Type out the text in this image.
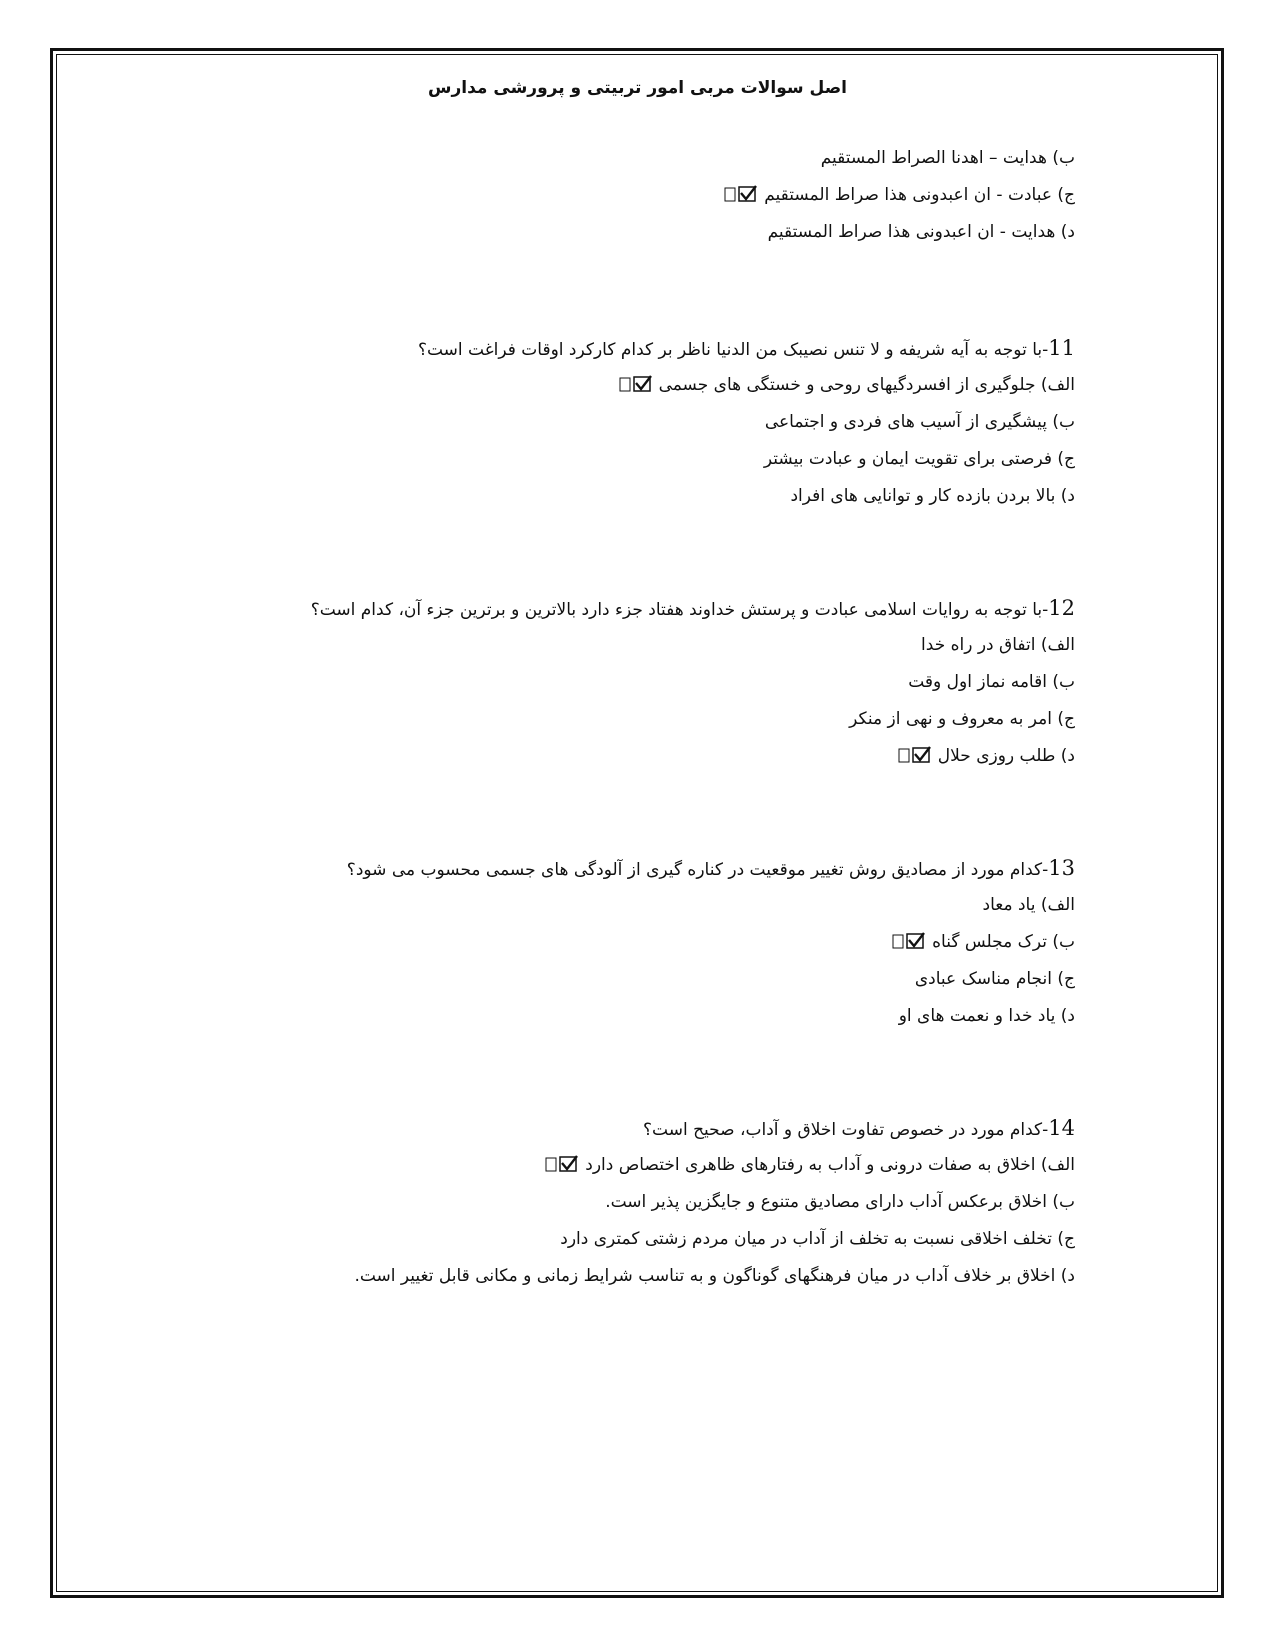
اصل سوالات مربی امور تربیتی و پرورشی مدارس
ب) هدایت – اهدنا الصراط المستقیم
ج) عبادت - ان اعبدونی هذا صراط المستقیم
د) هدایت - ان اعبدونی هذا صراط المستقیم
11-با توجه به آیه شریفه و لا تنس نصیبک من الدنیا ناظر بر کدام کارکرد اوقات فراغت است؟
الف) جلوگیری از افسردگیهای روحی و خستگی های جسمی
ب) پیشگیری از آسیب های فردی و اجتماعی
ج) فرصتی برای تقویت ایمان و عبادت بیشتر
د) بالا بردن بازده کار و توانایی های افراد
12-با توجه به روایات اسلامی عبادت و پرستش خداوند هفتاد جزء دارد بالاترین و برترین جزء آن، کدام است؟
الف) اتفاق در راه خدا
ب) اقامه نماز اول وقت
ج) امر به معروف و نهی از منکر
د) طلب روزی حلال
13-کدام مورد از مصادیق روش تغییر موقعیت در کناره گیری از آلودگی های جسمی محسوب می شود؟
الف) یاد معاد
ب) ترک مجلس گناه
ج) انجام مناسک عبادی
د) یاد خدا و نعمت های او
14-کدام مورد در خصوص تفاوت اخلاق و آداب، صحیح است؟
الف) اخلاق به صفات درونی و آداب به رفتارهای ظاهری اختصاص دارد
ب) اخلاق برعکس آداب دارای مصادیق متنوع و جایگزین پذیر است.
ج) تخلف اخلاقی نسبت به تخلف از آداب در میان مردم زشتی کمتری دارد
د) اخلاق بر خلاف آداب در میان فرهنگهای گوناگون و به تناسب شرایط زمانی و مکانی قابل تغییر است.
